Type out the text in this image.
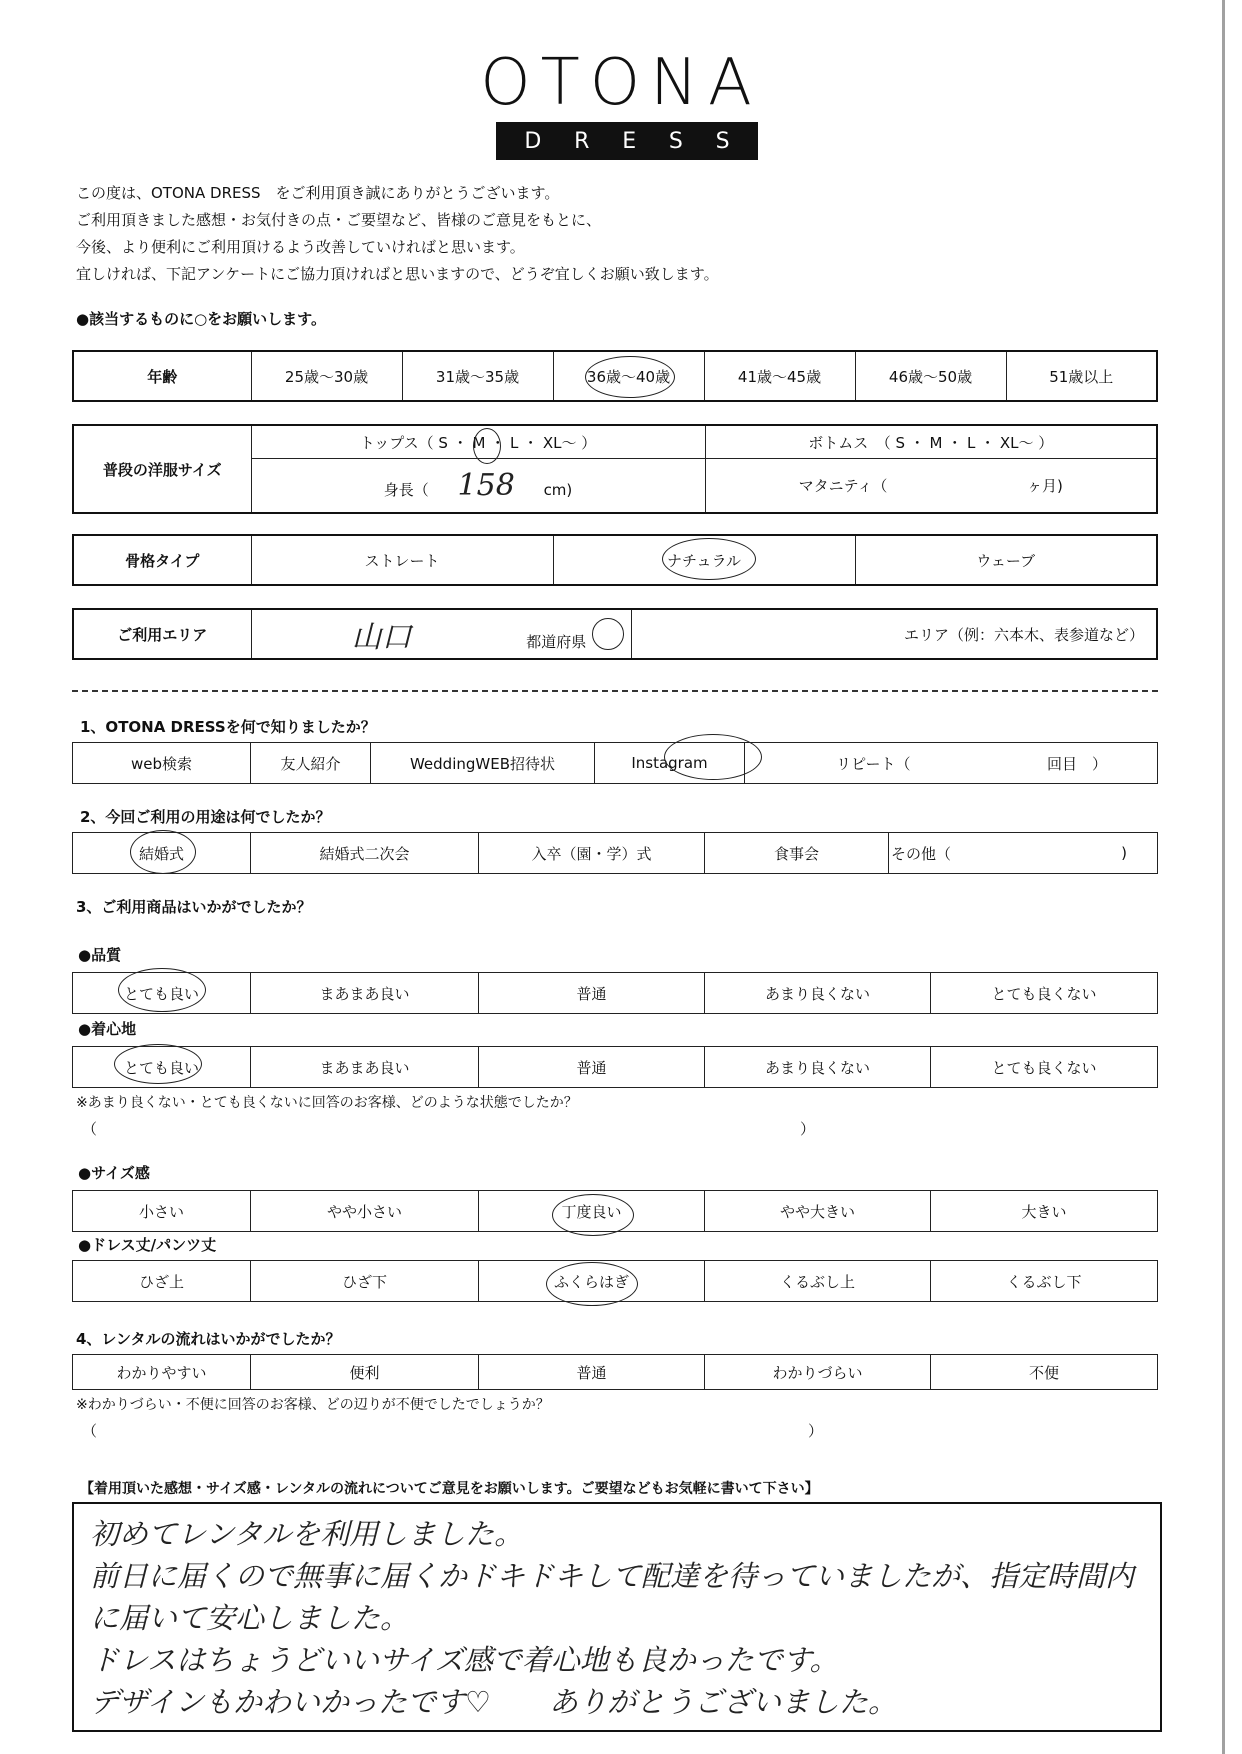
OTONA
D R E S S
この度は、OTONA DRESS　をご利用頂き誠にありがとうございます。
ご利用頂きました感想・お気付きの点・ご要望など、皆様のご意見をもとに、
今後、より便利にご利用頂けるよう改善していければと思います。
宜しければ、下記アンケートにご協力頂ければと思いますので、どうぞ宜しくお願い致します。
●該当するものに○をお願いします。
年齢	25歳～30歳	31歳～35歳	36歳～40歳	41歳～45歳	46歳～50歳	51歳以上
普段の洋服サイズ	トップス（ S ・ M ・ L ・ XL～ ）	ボトムス　（ S ・ M ・ L ・ XL～ ）
	身長（ 158 cm)	マタニティ（ ヶ月)
骨格タイプ	ストレート	ナチュラル	ウェーブ
ご利用エリア	山口	都道府県	エリア（例：六本木、表参道など）
1、OTONA DRESSを何で知りましたか？
web検索	友人紹介	WeddingWEB招待状	Instagram	リピート（	回目　）
2、今回ご利用の用途は何でしたか？
結婚式	結婚式二次会	入卒（園・学）式	食事会	その他（	)
3、ご利用商品はいかがでしたか？
●品質
とても良い	まあまあ良い	普通	あまり良くない	とても良くない
●着心地
とても良い	まあまあ良い	普通	あまり良くない	とても良くない
※あまり良くない・とても良くないに回答のお客様、どのような状態でしたか？
（	）
●サイズ感
小さい	やや小さい	丁度良い	やや大きい	大きい
●ドレス丈/パンツ丈
ひざ上	ひざ下	ふくらはぎ	くるぶし上	くるぶし下
4、レンタルの流れはいかがでしたか？
わかりやすい	便利	普通	わかりづらい	不便
※わかりづらい・不便に回答のお客様、どの辺りが不便でしたでしょうか？
（	）
【着用頂いた感想・サイズ感・レンタルの流れについてご意見をお願いします。ご要望などもお気軽に書いて下さい】
初めてレンタルを利用しました。
前日に届くので無事に届くかドキドキして配達を待っていましたが、指定時間内
に届いて安心しました。
ドレスはちょうどいいサイズ感で着心地も良かったです。
デザインもかわいかったです♡　　ありがとうございました。
